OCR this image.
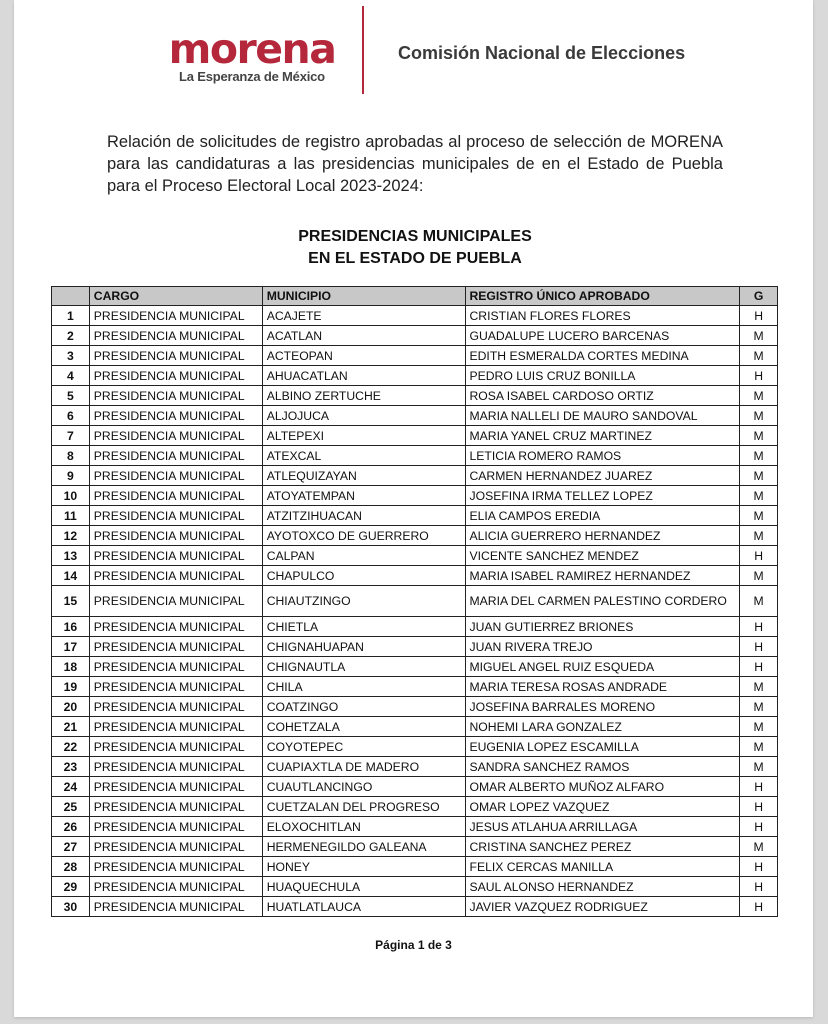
morena
La Esperanza de México
Comisión Nacional de Elecciones

Relación de solicitudes de registro aprobadas al proceso de selección de MORENA para las candidaturas a las presidencias municipales de en el Estado de Puebla para el Proceso Electoral Local 2023-2024:

PRESIDENCIAS MUNICIPALES
EN EL ESTADO DE PUEBLA
	CARGO	MUNICIPIO	REGISTRO ÚNICO APROBADO	G
1	PRESIDENCIA MUNICIPAL	ACAJETE	CRISTIAN FLORES FLORES	H
2	PRESIDENCIA MUNICIPAL	ACATLAN	GUADALUPE LUCERO BARCENAS	M
3	PRESIDENCIA MUNICIPAL	ACTEOPAN	EDITH ESMERALDA CORTES MEDINA	M
4	PRESIDENCIA MUNICIPAL	AHUACATLAN	PEDRO LUIS CRUZ BONILLA	H
5	PRESIDENCIA MUNICIPAL	ALBINO ZERTUCHE	ROSA ISABEL CARDOSO ORTIZ	M
6	PRESIDENCIA MUNICIPAL	ALJOJUCA	MARIA NALLELI DE MAURO SANDOVAL	M
7	PRESIDENCIA MUNICIPAL	ALTEPEXI	MARIA YANEL CRUZ MARTINEZ	M
8	PRESIDENCIA MUNICIPAL	ATEXCAL	LETICIA ROMERO RAMOS	M
9	PRESIDENCIA MUNICIPAL	ATLEQUIZAYAN	CARMEN HERNANDEZ JUAREZ	M
10	PRESIDENCIA MUNICIPAL	ATOYATEMPAN	JOSEFINA IRMA TELLEZ LOPEZ	M
11	PRESIDENCIA MUNICIPAL	ATZITZIHUACAN	ELIA CAMPOS EREDIA	M
12	PRESIDENCIA MUNICIPAL	AYOTOXCO DE GUERRERO	ALICIA GUERRERO HERNANDEZ	M
13	PRESIDENCIA MUNICIPAL	CALPAN	VICENTE SANCHEZ MENDEZ	H
14	PRESIDENCIA MUNICIPAL	CHAPULCO	MARIA ISABEL RAMIREZ HERNANDEZ	M
15	PRESIDENCIA MUNICIPAL	CHIAUTZINGO	MARIA DEL CARMEN PALESTINO CORDERO	M
16	PRESIDENCIA MUNICIPAL	CHIETLA	JUAN GUTIERREZ BRIONES	H
17	PRESIDENCIA MUNICIPAL	CHIGNAHUAPAN	JUAN RIVERA TREJO	H
18	PRESIDENCIA MUNICIPAL	CHIGNAUTLA	MIGUEL ANGEL RUIZ ESQUEDA	H
19	PRESIDENCIA MUNICIPAL	CHILA	MARIA TERESA ROSAS ANDRADE	M
20	PRESIDENCIA MUNICIPAL	COATZINGO	JOSEFINA BARRALES MORENO	M
21	PRESIDENCIA MUNICIPAL	COHETZALA	NOHEMI LARA GONZALEZ	M
22	PRESIDENCIA MUNICIPAL	COYOTEPEC	EUGENIA LOPEZ ESCAMILLA	M
23	PRESIDENCIA MUNICIPAL	CUAPIAXTLA DE MADERO	SANDRA SANCHEZ RAMOS	M
24	PRESIDENCIA MUNICIPAL	CUAUTLANCINGO	OMAR ALBERTO MUÑOZ ALFARO	H
25	PRESIDENCIA MUNICIPAL	CUETZALAN DEL PROGRESO	OMAR LOPEZ VAZQUEZ	H
26	PRESIDENCIA MUNICIPAL	ELOXOCHITLAN	JESUS ATLAHUA ARRILLAGA	H
27	PRESIDENCIA MUNICIPAL	HERMENEGILDO GALEANA	CRISTINA SANCHEZ PEREZ	M
28	PRESIDENCIA MUNICIPAL	HONEY	FELIX CERCAS MANILLA	H
29	PRESIDENCIA MUNICIPAL	HUAQUECHULA	SAUL ALONSO HERNANDEZ	H
30	PRESIDENCIA MUNICIPAL	HUATLATLAUCA	JAVIER VAZQUEZ RODRIGUEZ	H
Página 1 de 3
